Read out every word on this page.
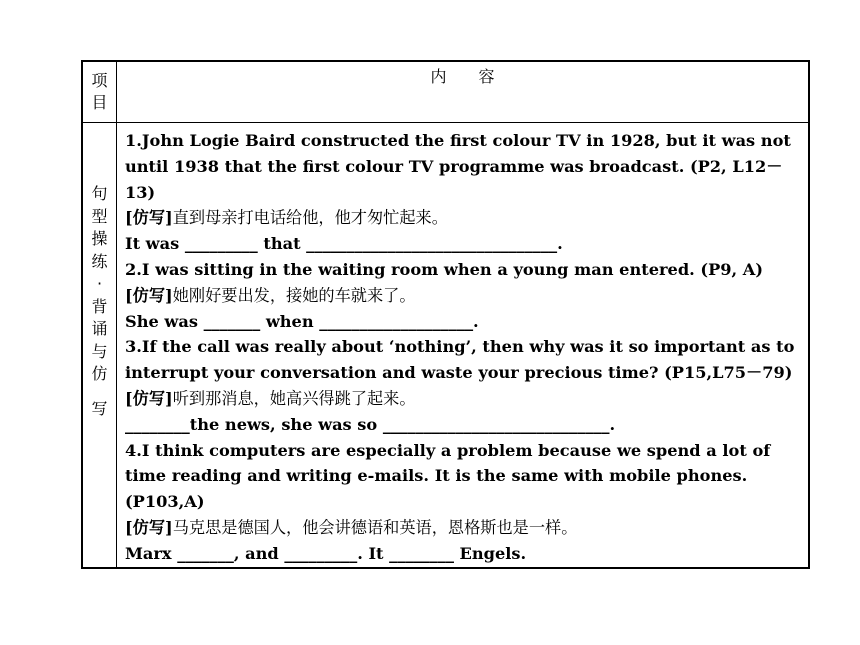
项
目
内　　容
句
型
操
练
·
背
诵
与
仿
写
1.John Logie Baird constructed the first colour TV in 1928, but it was not
until 1938 that the first colour TV programme was broadcast. (P2, L12－
13)
[仿写]直到母亲打电话给他，他才匆忙起来。
It was _________ that _______________________________.
2.I was sitting in the waiting room when a young man entered. (P9, A)
[仿写]她刚好要出发，接她的车就来了。
She was _______ when ___________________.
3.If the call was really about ‘nothing’, then why was it so important as to
interrupt your conversation and waste your precious time? (P15,L75－79)
[仿写]听到那消息，她高兴得跳了起来。
________the news, she was so ____________________________.
4.I think computers are especially a problem because we spend a lot of
time reading and writing e-mails. It is the same with mobile phones.
(P103,A)
[仿写]马克思是德国人，他会讲德语和英语，恩格斯也是一样。
Marx _______, and _________. It ________ Engels.
